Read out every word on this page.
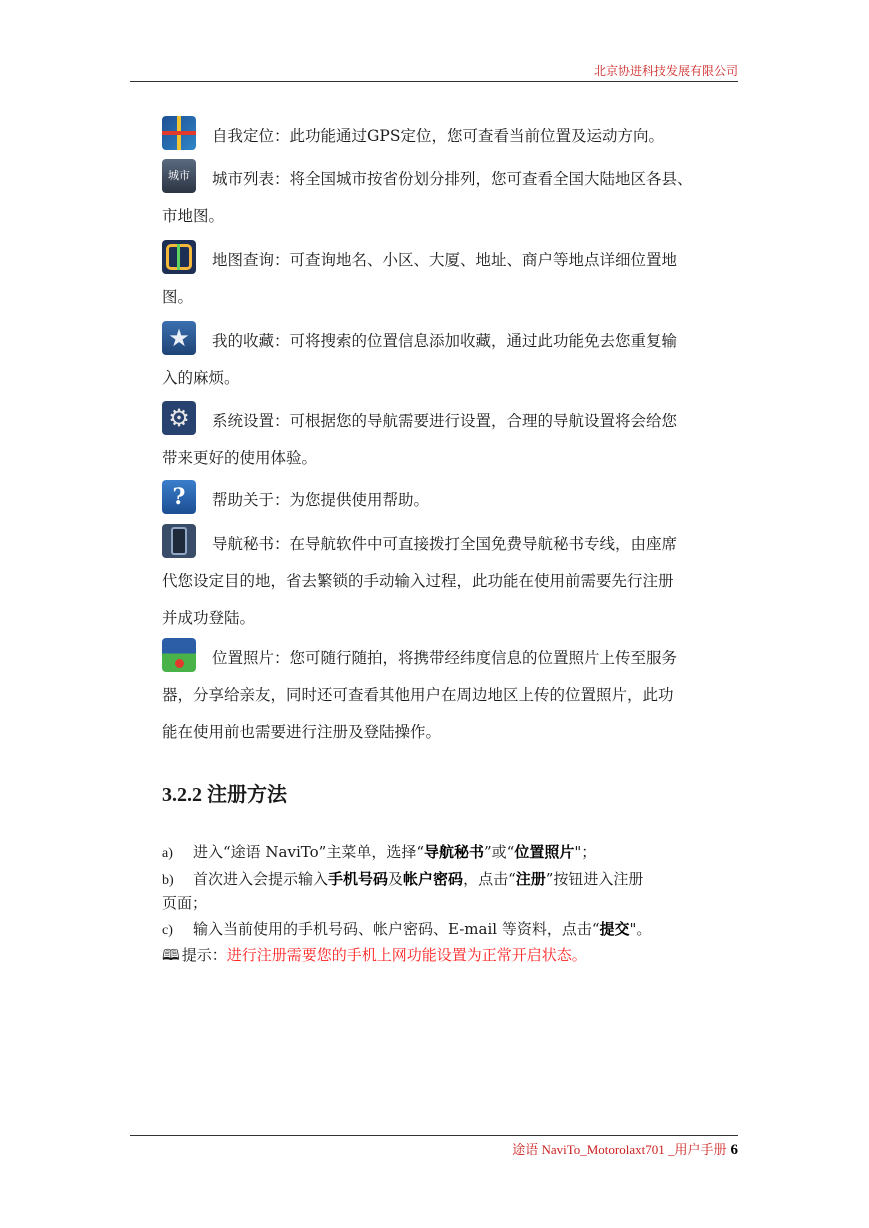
北京协进科技发展有限公司
自我定位：此功能通过GPS定位，您可查看当前位置及运动方向。
城市 城市列表：将全国城市按省份划分排列，您可查看全国大陆地区各县、
市地图。
地图查询：可查询地名、小区、大厦、地址、商户等地点详细位置地
图。
★ 我的收藏：可将搜索的位置信息添加收藏，通过此功能免去您重复输
入的麻烦。
⚙ 系统设置：可根据您的导航需要进行设置，合理的导航设置将会给您
带来更好的使用体验。
? 帮助关于：为您提供使用帮助。
导航秘书：在导航软件中可直接拨打全国免费导航秘书专线，由座席
代您设定目的地，省去繁锁的手动输入过程，此功能在使用前需要先行注册
并成功登陆。
位置照片：您可随行随拍，将携带经纬度信息的位置照片上传至服务
器，分享给亲友，同时还可查看其他用户在周边地区上传的位置照片，此功
能在使用前也需要进行注册及登陆操作。
3.2.2 注册方法
a) 进入“途语 NaviTo”主菜单，选择“导航秘书”或“位置照片"；
b) 首次进入会提示输入手机号码及帐户密码，点击“注册”按钮进入注册
页面；
c) 输入当前使用的手机号码、帐户密码、E-mail 等资料，点击“提交"。
🕮 提示：进行注册需要您的手机上网功能设置为正常开启状态。
途语 NaviTo_Motorolaxt701 _用户手册 6
